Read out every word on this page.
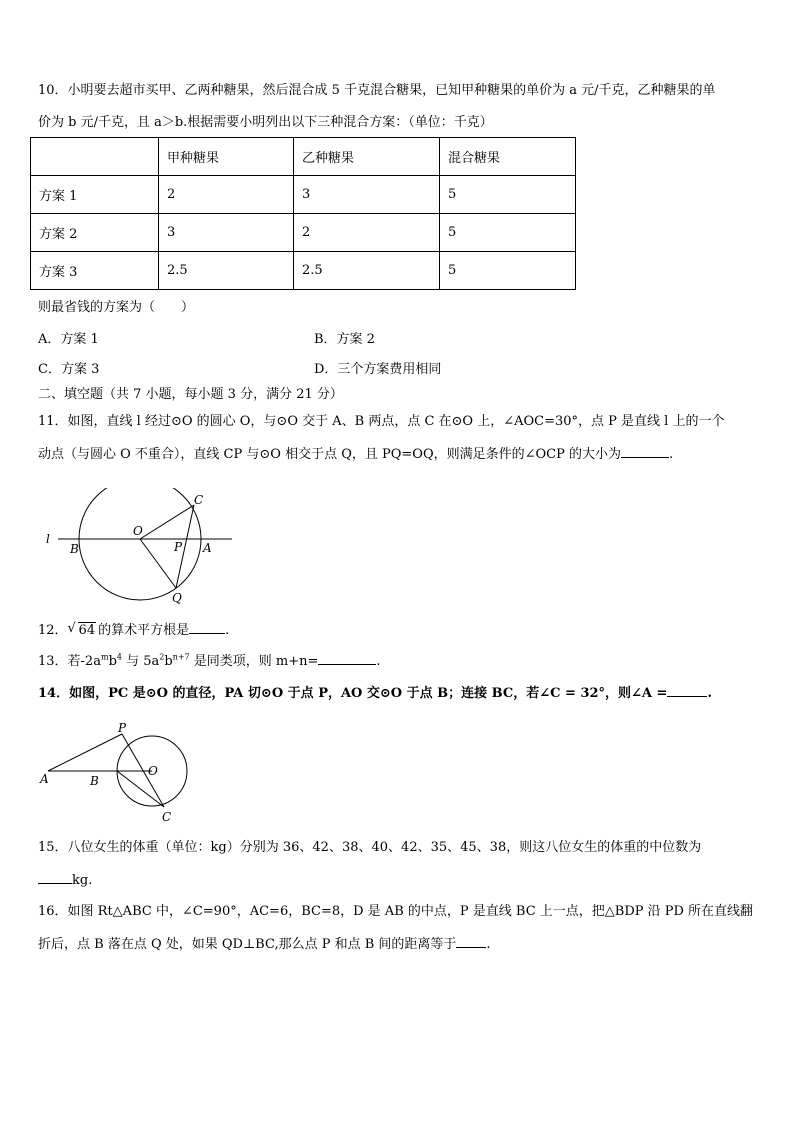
10．小明要去超市买甲、乙两种糖果，然后混合成 5 千克混合糖果，已知甲种糖果的单价为 a 元/千克，乙种糖果的单
价为 b 元/千克，且 a＞b.根据需要小明列出以下三种混合方案：（单位：千克）
	甲种糖果	乙种糖果	混合糖果
方案 1	2	3	5
方案 2	3	2	5
方案 3	2.5	2.5	5
则最省钱的方案为（　　）
A．方案 1	B．方案 2
C．方案 3	D．三个方案费用相同
二、填空题（共 7 小题，每小题 3 分，满分 21 分）
11．如图，直线 l 经过⊙O 的圆心 O，与⊙O 交于 A、B 两点，点 C 在⊙O 上，∠AOC=30°，点 P 是直线 l 上的一个
动点（与圆心 O 不重合），直线 CP 与⊙O 相交于点 Q，且 PQ=OQ，则满足条件的∠OCP 的大小为	.
l
B
O
C
P A
Q
12． √ 64 的算术平方根是	.
13．若$-2a^mb^4$ 与 $5a^2b^{n+7}$ 是同类项，则 m+n=	.
14．如图，PC 是⊙O 的直径，PA 切⊙O 于点 P，AO 交⊙O 于点 B；连接 BC，若∠C = 32°，则∠A =	.
P
A	B
O
C
15．八位女生的体重（单位：kg）分别为 36、42、38、40、42、35、45、38，则这八位女生的体重的中位数为
kg.
16．如图 Rt△ABC 中，∠C=90°，AC=6，BC=8，D 是 AB 的中点，P 是直线 BC 上一点，把△BDP 沿 PD 所在直线翻
折后，点 B 落在点 Q 处，如果 QD⊥BC,那么点 P 和点 B 间的距离等于 .
